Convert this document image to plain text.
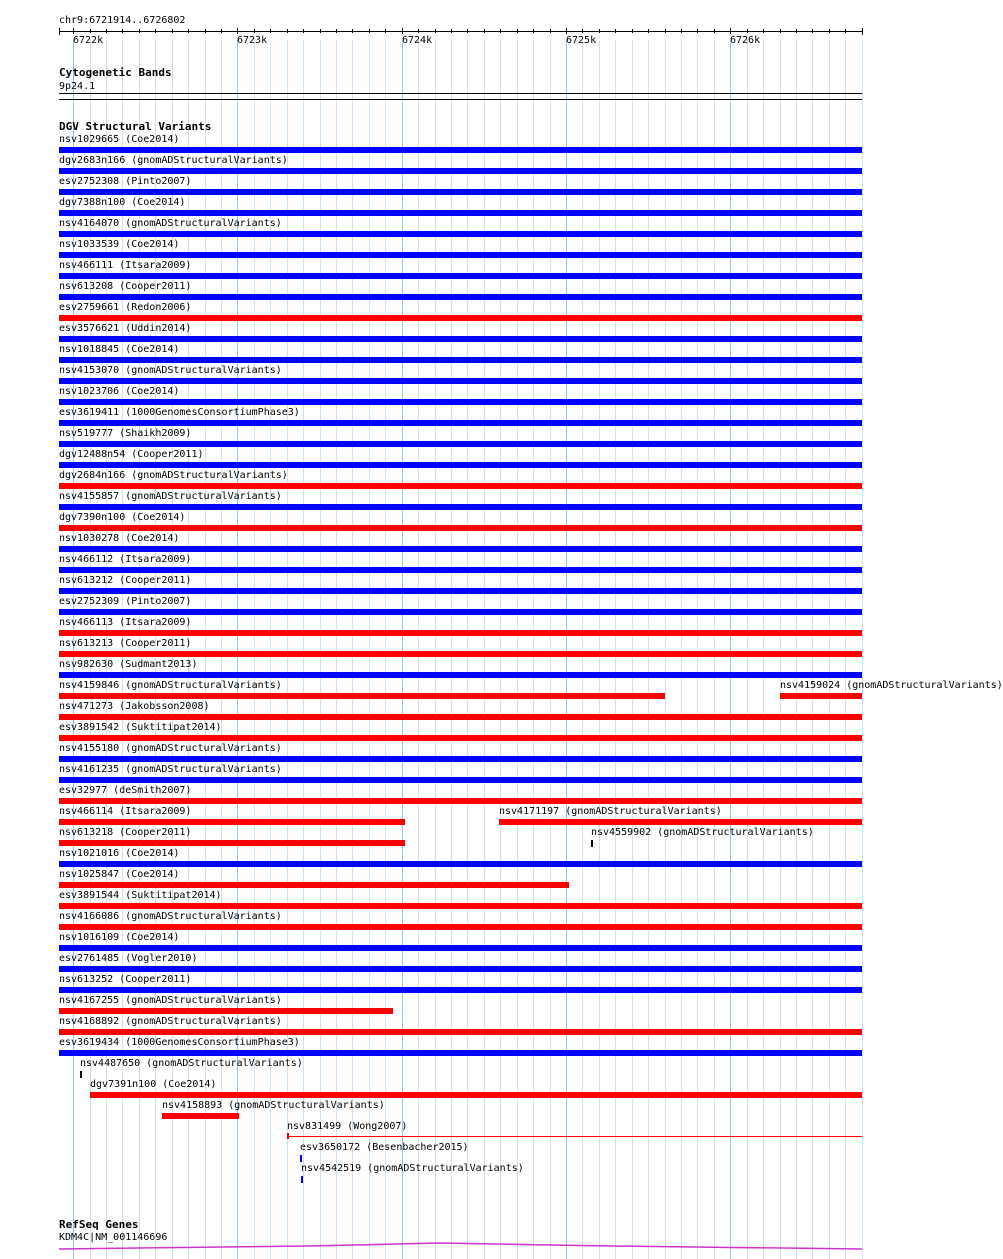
chr9:6721914..6726802
6722k	6723k	6724k	6725k	6726k
Cytogenetic Bands
9p24.1
DGV Structural Variants
nsv1029665 (Coe2014)
dgv2683n166 (gnomADStructuralVariants)
esv2752308 (Pinto2007)
dgv7388n100 (Coe2014)
nsv4164070 (gnomADStructuralVariants)
nsv1033539 (Coe2014)
nsv466111 (Itsara2009)
nsv613208 (Cooper2011)
esv2759661 (Redon2006)
esv3576621 (Uddin2014)
nsv1018845 (Coe2014)
nsv4153070 (gnomADStructuralVariants)
nsv1023706 (Coe2014)
esv3619411 (1000GenomesConsortiumPhase3)
nsv519777 (Shaikh2009)
dgv12488n54 (Cooper2011)
dgv2684n166 (gnomADStructuralVariants)
nsv4155857 (gnomADStructuralVariants)
dgv7390n100 (Coe2014)
nsv1030278 (Coe2014)
nsv466112 (Itsara2009)
nsv613212 (Cooper2011)
esv2752309 (Pinto2007)
nsv466113 (Itsara2009)
nsv613213 (Cooper2011)
nsv982630 (Sudmant2013)
nsv4159846 (gnomADStructuralVariants)	nsv4159024 (gnomADStructuralVariants)
nsv471273 (Jakobsson2008)
esv3891542 (Suktitipat2014)
nsv4155180 (gnomADStructuralVariants)
nsv4161235 (gnomADStructuralVariants)
esv32977 (deSmith2007)
nsv466114 (Itsara2009)	nsv4171197 (gnomADStructuralVariants)
nsv613218 (Cooper2011)	nsv4559902 (gnomADStructuralVariants)
nsv1021016 (Coe2014)
nsv1025847 (Coe2014)
esv3891544 (Suktitipat2014)
nsv4166086 (gnomADStructuralVariants)
nsv1016109 (Coe2014)
esv2761485 (Vogler2010)
nsv613252 (Cooper2011)
nsv4167255 (gnomADStructuralVariants)
nsv4168892 (gnomADStructuralVariants)
esv3619434 (1000GenomesConsortiumPhase3)
nsv4487650 (gnomADStructuralVariants)
dgv7391n100 (Coe2014)
nsv4158893 (gnomADStructuralVariants)
nsv831499 (Wong2007)
esv3650172 (Besenbacher2015)
nsv4542519 (gnomADStructuralVariants)
RefSeq Genes
KDM4C|NM_001146696
